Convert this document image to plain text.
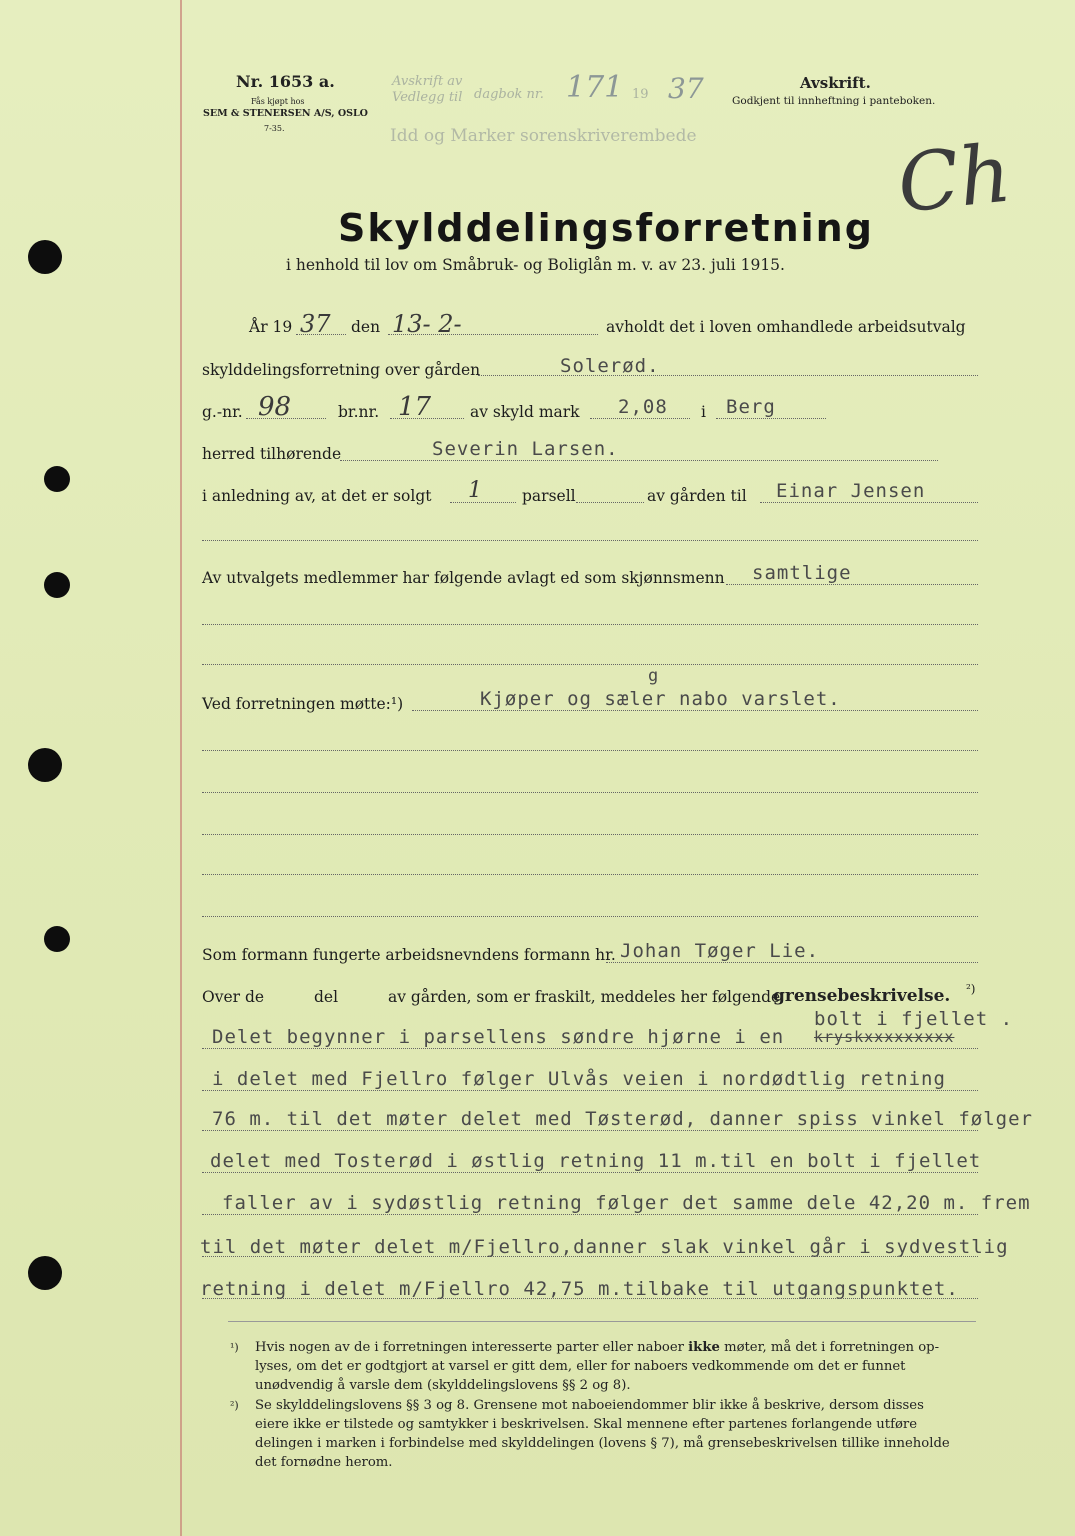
Nr. 1653 a.
Fås kjøpt hos
SEM & STENERSEN A/S, OSLO
7-35.
Avskrift av
Vedlegg til dagbok nr. 171 19 37
Idd og Marker sorenskriverembede
Avskrift.
Godkjent til innheftning i panteboken.
Ch
Skylddelingsforretning
i henhold til lov om Småbruk- og Boliglån m. v. av 23. juli 1915.
År 19 37 den 13- 2-	avholdt det i loven omhandlede arbeidsutvalg
skylddelingsforretning over gården	Solerød.
g.-nr. 98	br.nr. 17	av skyld mark 2,08 i Berg
herred tilhørende	Severin Larsen.
i anledning av, at det er solgt 1	parsell	av gården til Einar Jensen
Av utvalgets medlemmer har følgende avlagt ed som skjønnsmenn samtlige
Ved forretningen møtte:¹)
g
Kjøper og sæler nabo varslet.
Som formann fungerte arbeidsnevndens formann hr. Johan Tøger Lie.
Over de	del	av gården, som er fraskilt, meddeles her følgende
grensebeskrivelse. ²)
bolt i fjellet .
kryskxxxxxxxxx
Delet begynner i parsellens søndre hjørne i en
i delet med Fjellro følger Ulvås veien i nordødtlig retning
76 m. til det møter delet med Tøsterød, danner spiss vinkel følger
delet med Tosterød i østlig retning 11 m.til en bolt i fjellet
faller av i sydøstlig retning følger det samme dele 42,20 m. frem
til det møter delet m/Fjellro,danner slak vinkel går i sydvestlig
retning i delet m/Fjellro 42,75 m.tilbake til utgangspunktet.
¹) Hvis nogen av de i forretningen interesserte parter eller naboer ikke møter, må det i forretningen op-
lyses, om det er godtgjort at varsel er gitt dem, eller for naboers vedkommende om det er funnet
unødvendig å varsle dem (skylddelingslovens §§ 2 og 8).
²) Se skylddelingslovens §§ 3 og 8. Grensene mot naboeiendommer blir ikke å beskrive, dersom disses
eiere ikke er tilstede og samtykker i beskrivelsen. Skal mennene efter partenes forlangende utføre
delingen i marken i forbindelse med skylddelingen (lovens § 7), må grensebeskrivelsen tillike inneholde
det fornødne herom.
